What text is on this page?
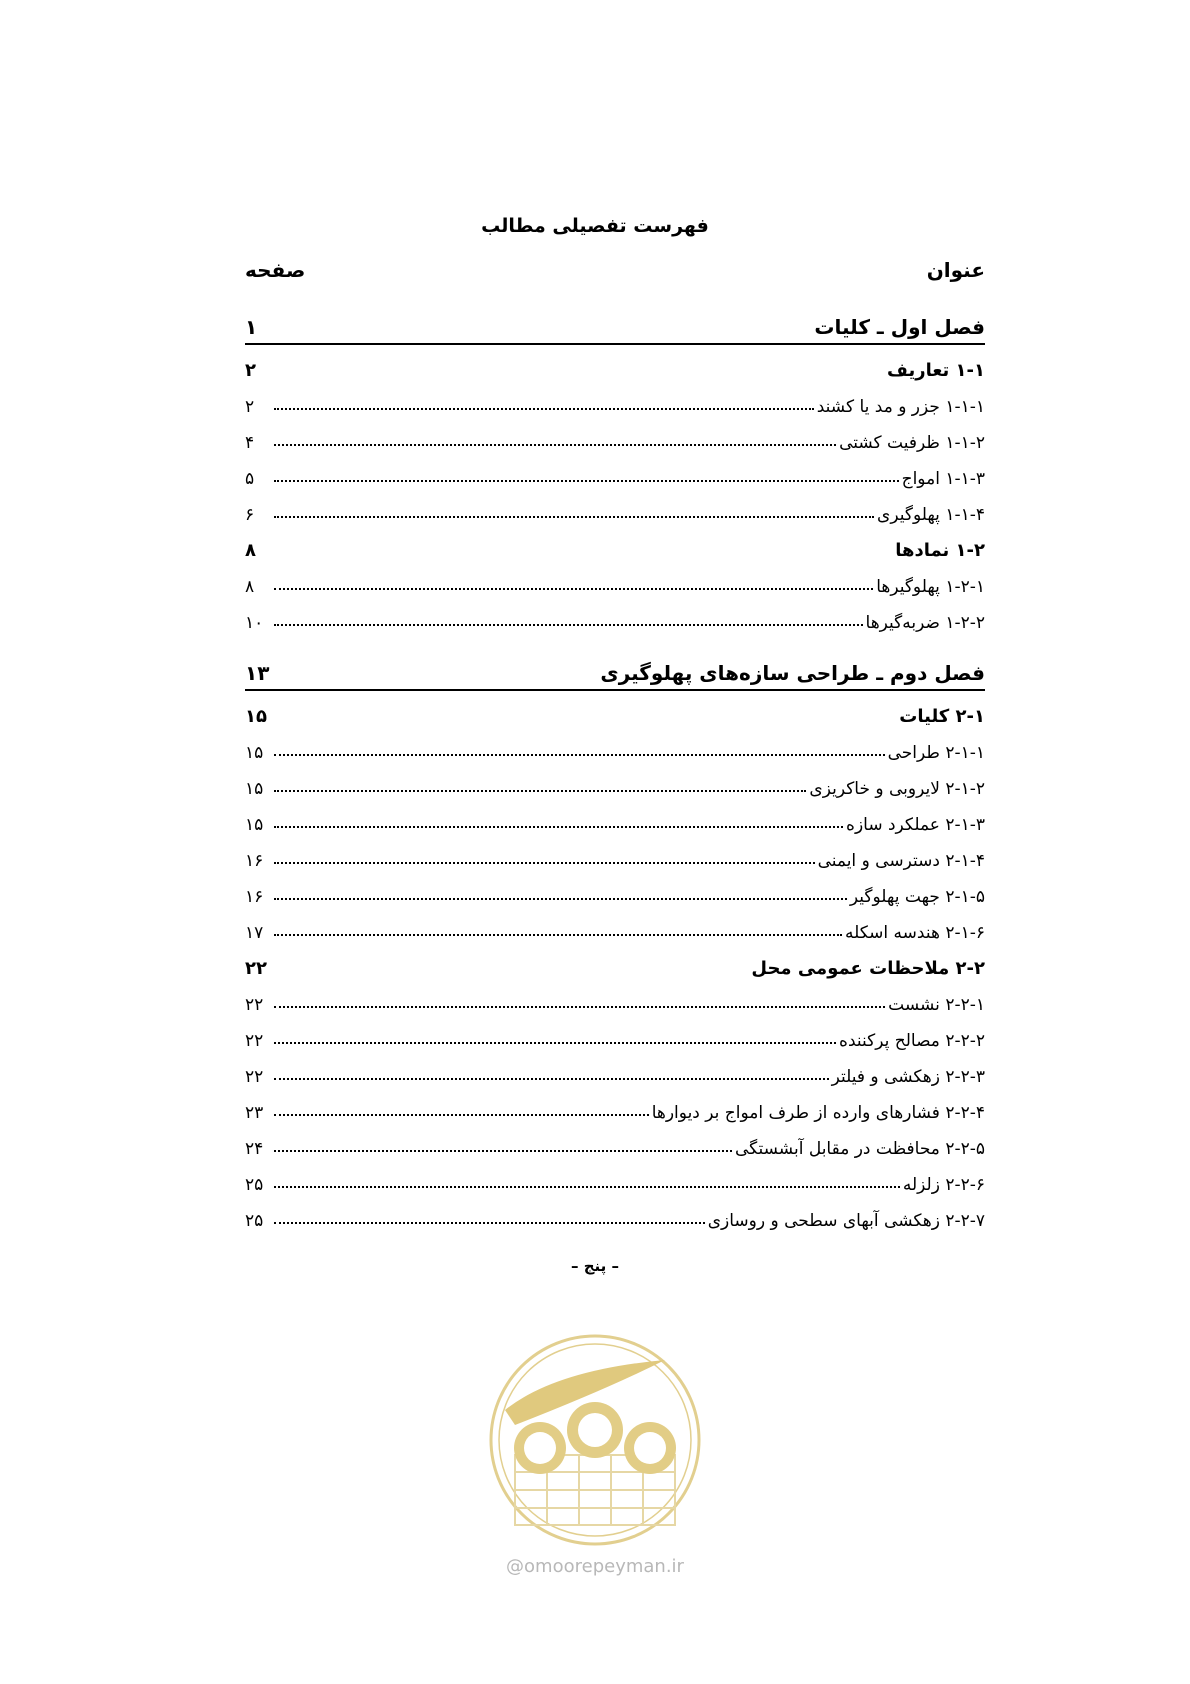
فهرست تفصیلی مطالب
عنوان
صفحه
فصل اول ـ کلیات
۱
۱-۱ تعاریف
۲
۱-۱-۱ جزر و مد یا کشند
۲
۱-۱-۲ ظرفیت کشتی
۴
۱-۱-۳ امواج
۵
۱-۱-۴ پهلوگیری
۶
۱-۲ نمادها
۸
۱-۲-۱ پهلوگیرها
۸
۱-۲-۲ ضربه‌گیرها
۱۰
فصل دوم ـ طراحی سازه‌های پهلوگیری
۱۳
۲-۱ کلیات
۱۵
۲-۱-۱ طراحی
۱۵
۲-۱-۲ لایروبی و خاکریزی
۱۵
۲-۱-۳ عملکرد سازه
۱۵
۲-۱-۴ دسترسی و ایمنی
۱۶
۲-۱-۵ جهت پهلوگیر
۱۶
۲-۱-۶ هندسه اسکله
۱۷
۲-۲ ملاحظات عمومی محل
۲۲
۲-۲-۱ نشست
۲۲
۲-۲-۲ مصالح پرکننده
۲۲
۲-۲-۳ زهکشی و فیلتر
۲۲
۲-۲-۴ فشارهای وارده از طرف امواج بر دیوارها
۲۳
۲-۲-۵ محافظت در مقابل آبشستگی
۲۴
۲-۲-۶ زلزله
۲۵
۲-۲-۷ زهکشی آبهای سطحی و روسازی
۲۵
– پنج –
@omoorepeyman.ir
